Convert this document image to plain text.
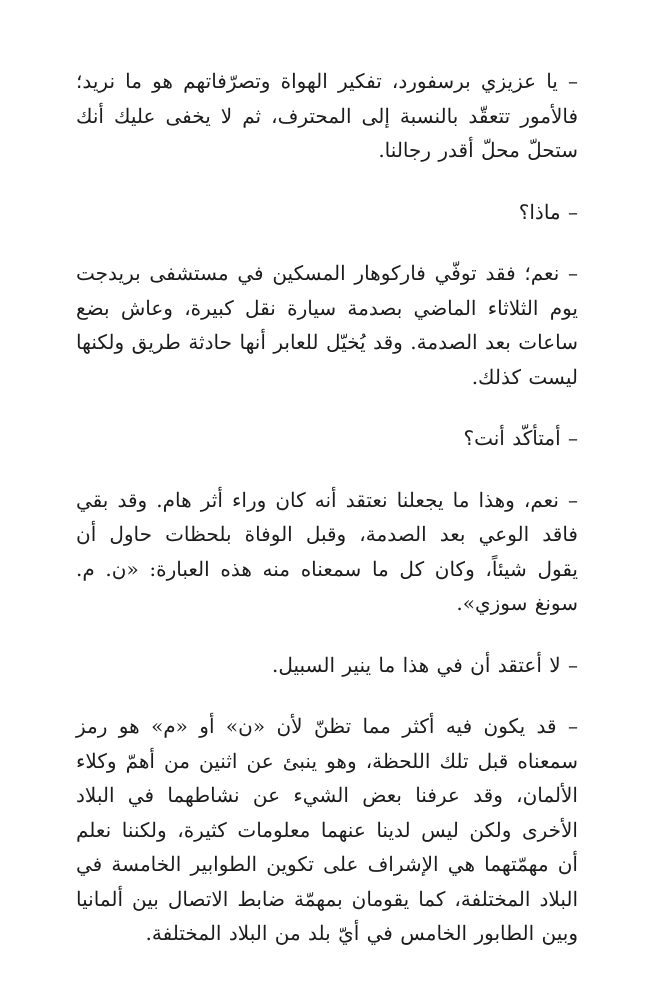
– يا عزيزي برسفورد، تفكير الهواة وتصرّفاتهم هو ما نريد؛ فالأمور تتعقّد بالنسبة إلى المحترف، ثم لا يخفى عليك أنك ستحلّ محلّ أقدر رجالنا.

– ماذا؟

– نعم؛ فقد توفّي فاركوهار المسكين في مستشفى بريدجت يوم الثلاثاء الماضي بصدمة سيارة نقل كبيرة، وعاش بضع ساعات بعد الصدمة. وقد يُخيّل للعابر أنها حادثة طريق ولكنها ليست كذلك.

– أمتأكّد أنت؟

– نعم، وهذا ما يجعلنا نعتقد أنه كان وراء أثر هام. وقد بقي فاقد الوعي بعد الصدمة، وقبل الوفاة بلحظات حاول أن يقول شيئاً، وكان كل ما سمعناه منه هذه العبارة: «ن. م. سونغ سوزي».

– لا أعتقد أن في هذا ما ينير السبيل.

– قد يكون فيه أكثر مما تظنّ لأن «ن» أو «م» هو رمز سمعناه قبل تلك اللحظة، وهو ينبئ عن اثنين من أهمّ وكلاء الألمان، وقد عرفنا بعض الشيء عن نشاطهما في البلاد الأخرى ولكن ليس لدينا عنهما معلومات كثيرة، ولكننا نعلم أن مهمّتهما هي الإشراف على تكوين الطوابير الخامسة في البلاد المختلفة، كما يقومان بمهمّة ضابط الاتصال بين ألمانيا وبين الطابور الخامس في أيّ بلد من البلاد المختلفة.
